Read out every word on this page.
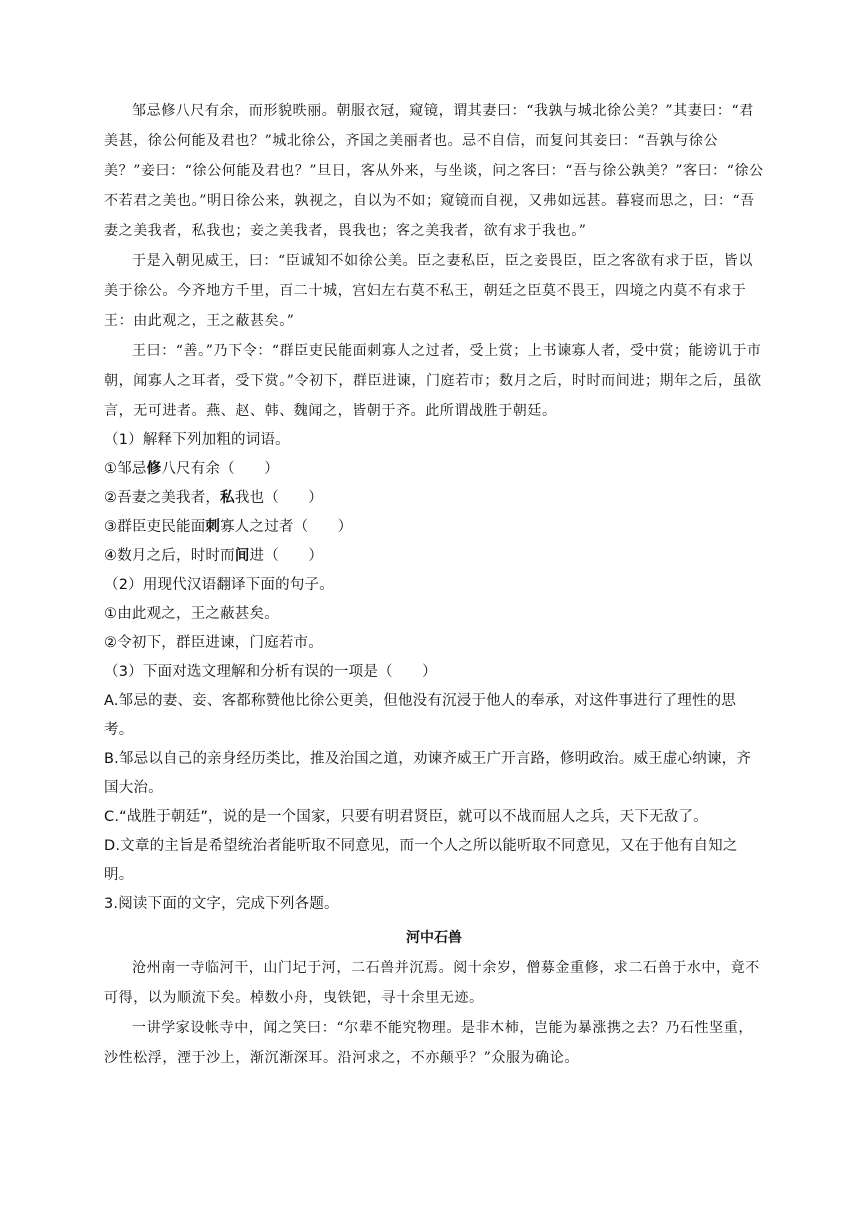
邹忌修八尺有余，而形貌昳丽。朝服衣冠，窥镜，谓其妻曰：“我孰与城北徐公美？”其妻曰：“君美甚，徐公何能及君也？”城北徐公，齐国之美丽者也。忌不自信，而复问其妾曰：“吾孰与徐公美？”妾曰：“徐公何能及君也？”旦日，客从外来，与坐谈，问之客曰：“吾与徐公孰美？”客曰：“徐公不若君之美也。”明日徐公来，孰视之，自以为不如；窥镜而自视，又弗如远甚。暮寝而思之，曰：“吾妻之美我者，私我也；妾之美我者，畏我也；客之美我者，欲有求于我也。”

于是入朝见威王，曰：“臣诚知不如徐公美。臣之妻私臣，臣之妾畏臣，臣之客欲有求于臣，皆以美于徐公。今齐地方千里，百二十城，宫妇左右莫不私王，朝廷之臣莫不畏王，四境之内莫不有求于王：由此观之，王之蔽甚矣。”

王曰：“善。”乃下令：“群臣吏民能面刺寡人之过者，受上赏；上书谏寡人者，受中赏；能谤讥于市朝，闻寡人之耳者，受下赏。”令初下，群臣进谏，门庭若市；数月之后，时时而间进；期年之后，虽欲言，无可进者。燕、赵、韩、魏闻之，皆朝于齐。此所谓战胜于朝廷。

（1）解释下列加粗的词语。

①邹忌修八尺有余（　　）

②吾妻之美我者，私我也（　　）

③群臣吏民能面刺寡人之过者（　　）

④数月之后，时时而间进（　　）

（2）用现代汉语翻译下面的句子。

①由此观之，王之蔽甚矣。

②令初下，群臣进谏，门庭若市。

（3）下面对选文理解和分析有误的一项是（　　）

A.邹忌的妻、妾、客都称赞他比徐公更美，但他没有沉浸于他人的奉承，对这件事进行了理性的思考。

B.邹忌以自己的亲身经历类比，推及治国之道，劝谏齐威王广开言路，修明政治。威王虚心纳谏，齐国大治。

C.“战胜于朝廷”，说的是一个国家，只要有明君贤臣，就可以不战而屈人之兵，天下无敌了。

D.文章的主旨是希望统治者能听取不同意见，而一个人之所以能听取不同意见，又在于他有自知之明。

3.阅读下面的文字，完成下列各题。

河中石兽

沧州南一寺临河干，山门圮于河，二石兽并沉焉。阅十余岁，僧募金重修，求二石兽于水中，竟不可得，以为顺流下矣。棹数小舟，曳铁钯，寻十余里无迹。

一讲学家设帐寺中，闻之笑曰：“尔辈不能究物理。是非木杮，岂能为暴涨携之去？乃石性坚重，沙性松浮，湮于沙上，渐沉渐深耳。沿河求之，不亦颠乎？”众服为确论。
